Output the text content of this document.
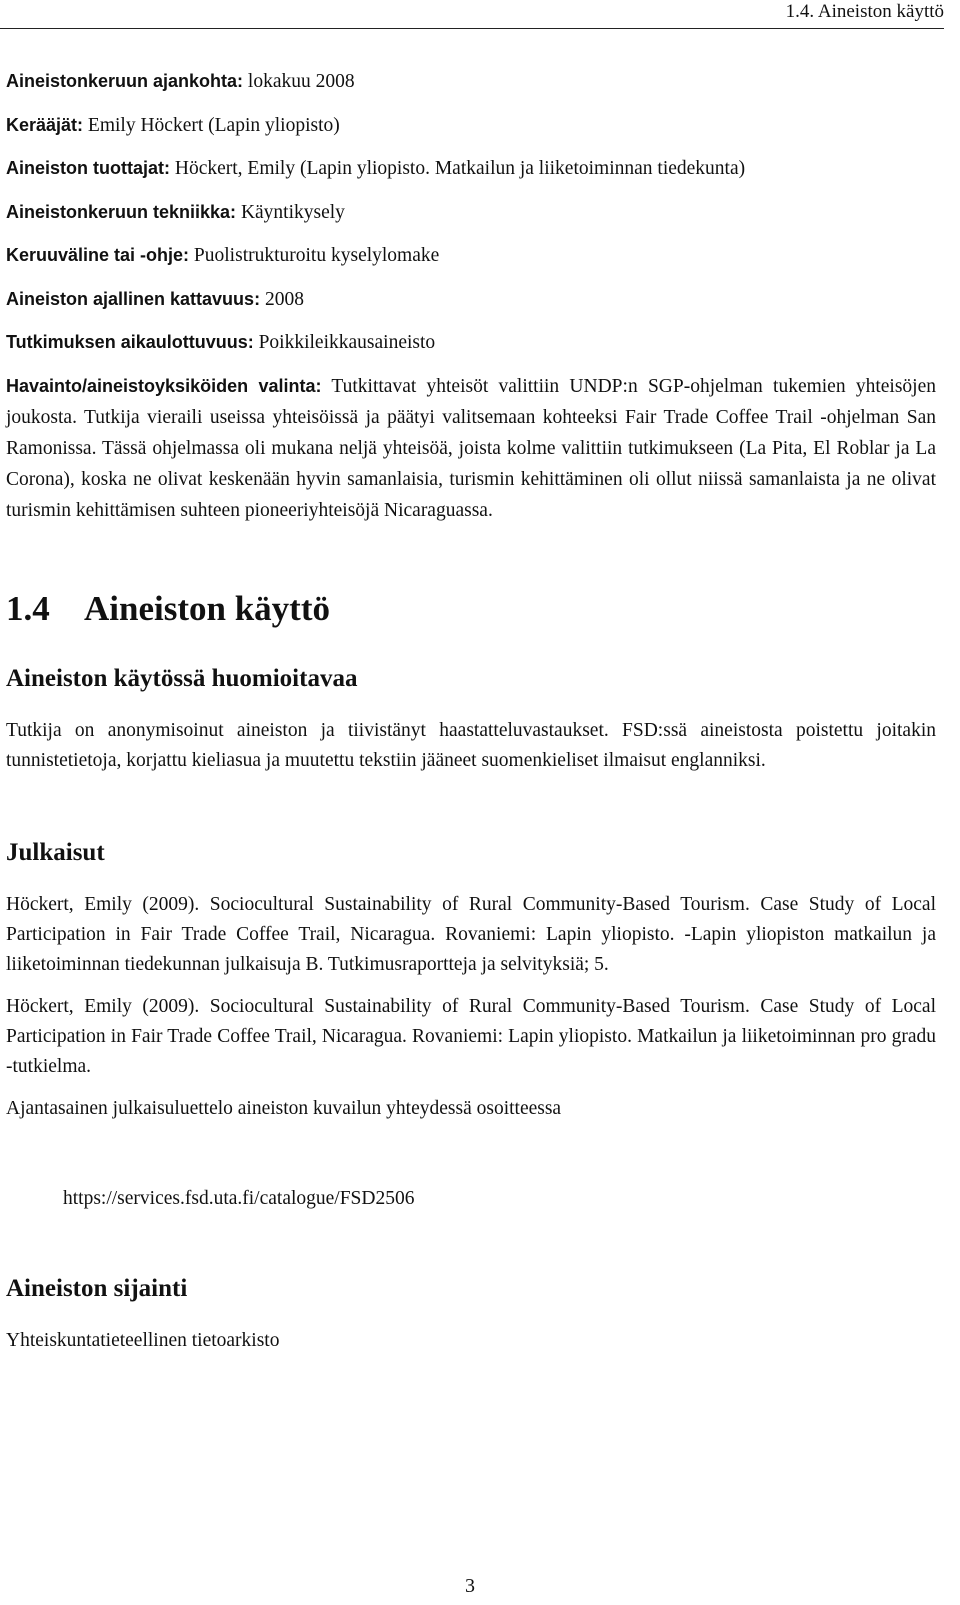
1.4. Aineiston käyttö
Aineistonkeruun ajankohta: lokakuu 2008
Kerääjät: Emily Höckert (Lapin yliopisto)
Aineiston tuottajat: Höckert, Emily (Lapin yliopisto. Matkailun ja liiketoiminnan tiedekunta)
Aineistonkeruun tekniikka: Käyntikysely
Keruuväline tai -ohje: Puolistrukturoitu kyselylomake
Aineiston ajallinen kattavuus: 2008
Tutkimuksen aikaulottuvuus: Poikkileikkausaineisto
Havainto/aineistoyksiköiden valinta: Tutkittavat yhteisöt valittiin UNDP:n SGP-ohjelman tukemien yhteisöjen joukosta. Tutkija vieraili useissa yhteisöissä ja päätyi valitsemaan kohteeksi Fair Trade Coffee Trail -ohjelman San Ramonissa. Tässä ohjelmassa oli mukana neljä yhteisöä, joista kolme valittiin tutkimukseen (La Pita, El Roblar ja La Corona), koska ne olivat keskenään hyvin samanlaisia, turismin kehittäminen oli ollut niissä samanlaista ja ne olivat turismin kehittämisen suhteen pioneeriyhteisöjä Nicaraguassa.
1.4 Aineiston käyttö
Aineiston käytössä huomioitavaa

Tutkija on anonymisoinut aineiston ja tiivistänyt haastatteluvastaukset. FSD:ssä aineistosta poistettu joitakin tunnistetietoja, korjattu kieliasua ja muutettu tekstiin jääneet suomenkieliset ilmaisut englanniksi.

Julkaisut

Höckert, Emily (2009). Sociocultural Sustainability of Rural Community-Based Tourism. Case Study of Local Participation in Fair Trade Coffee Trail, Nicaragua. Rovaniemi: Lapin yliopisto. -Lapin yliopiston matkailun ja liiketoiminnan tiedekunnan julkaisuja B. Tutkimusraportteja ja selvityksiä; 5.

Höckert, Emily (2009). Sociocultural Sustainability of Rural Community-Based Tourism. Case Study of Local Participation in Fair Trade Coffee Trail, Nicaragua. Rovaniemi: Lapin yliopisto. Matkailun ja liiketoiminnan pro gradu -tutkielma.

Ajantasainen julkaisuluettelo aineiston kuvailun yhteydessä osoitteessa

https://services.fsd.uta.fi/catalogue/FSD2506

Aineiston sijainti

Yhteiskuntatieteellinen tietoarkisto

3
